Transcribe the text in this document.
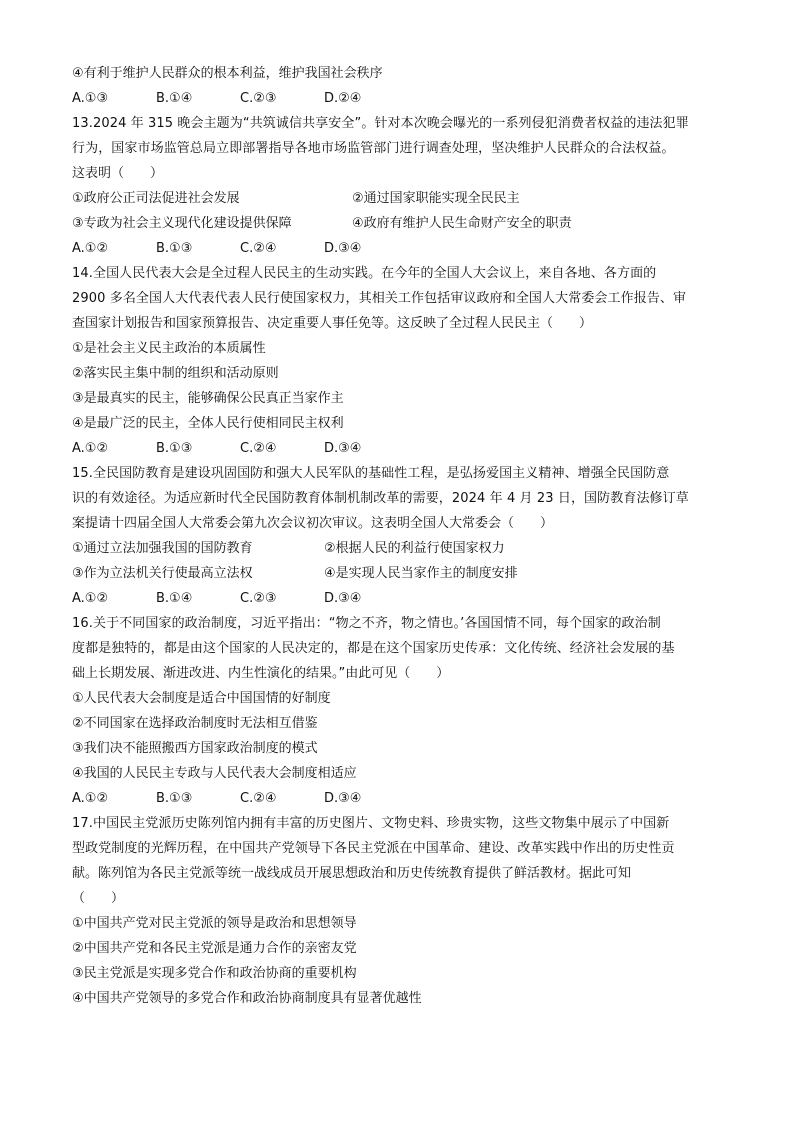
④有利于维护人民群众的根本利益，维护我国社会秩序
A.①③	B.①④	C.②③	D.②④
13.2024 年 315 晚会主题为“共筑诚信共享安全”。针对本次晚会曝光的一系列侵犯消费者权益的违法犯罪
行为，国家市场监管总局立即部署指导各地市场监管部门进行调查处理，坚决维护人民群众的合法权益。
这表明（　　）
①政府公正司法促进社会发展	②通过国家职能实现全民民主
③专政为社会主义现代化建设提供保障	④政府有维护人民生命财产安全的职责
A.①②	B.①③	C.②④	D.③④
14.全国人民代表大会是全过程人民民主的生动实践。在今年的全国人大会议上，来自各地、各方面的
2900 多名全国人大代表代表人民行使国家权力，其相关工作包括审议政府和全国人大常委会工作报告、审
查国家计划报告和国家预算报告、决定重要人事任免等。这反映了全过程人民民主（　　）
①是社会主义民主政治的本质属性
②落实民主集中制的组织和活动原则
③是最真实的民主，能够确保公民真正当家作主
④是最广泛的民主，全体人民行使相同民主权利
A.①②	B.①③	C.②④	D.③④
15.全民国防教育是建设巩固国防和强大人民军队的基础性工程，是弘扬爱国主义精神、增强全民国防意
识的有效途径。为适应新时代全民国防教育体制机制改革的需要，2024 年 4 月 23 日，国防教育法修订草
案提请十四届全国人大常委会第九次会议初次审议。这表明全国人大常委会（　　）
①通过立法加强我国的国防教育	②根据人民的利益行使国家权力
③作为立法机关行使最高立法权	④是实现人民当家作主的制度安排
A.①②	B.①④	C.②③	D.③④
16.关于不同国家的政治制度，习近平指出：“物之不齐，物之情也。’各国国情不同，每个国家的政治制
度都是独特的，都是由这个国家的人民决定的，都是在这个国家历史传承：文化传统、经济社会发展的基
础上长期发展、渐进改进、内生性演化的结果。”由此可见（　　）
①人民代表大会制度是适合中国国情的好制度
②不同国家在选择政治制度时无法相互借鉴
③我们决不能照搬西方国家政治制度的模式
④我国的人民民主专政与人民代表大会制度相适应
A.①②	B.①③	C.②④	D.③④
17.中国民主党派历史陈列馆内拥有丰富的历史图片、文物史料、珍贵实物，这些文物集中展示了中国新
型政党制度的光辉历程，在中国共产党领导下各民主党派在中国革命、建设、改革实践中作出的历史性贡
献。陈列馆为各民主党派等统一战线成员开展思想政治和历史传统教育提供了鲜活教材。据此可知
（　　）
①中国共产党对民主党派的领导是政治和思想领导
②中国共产党和各民主党派是通力合作的亲密友党
③民主党派是实现多党合作和政治协商的重要机构
④中国共产党领导的多党合作和政治协商制度具有显著优越性
